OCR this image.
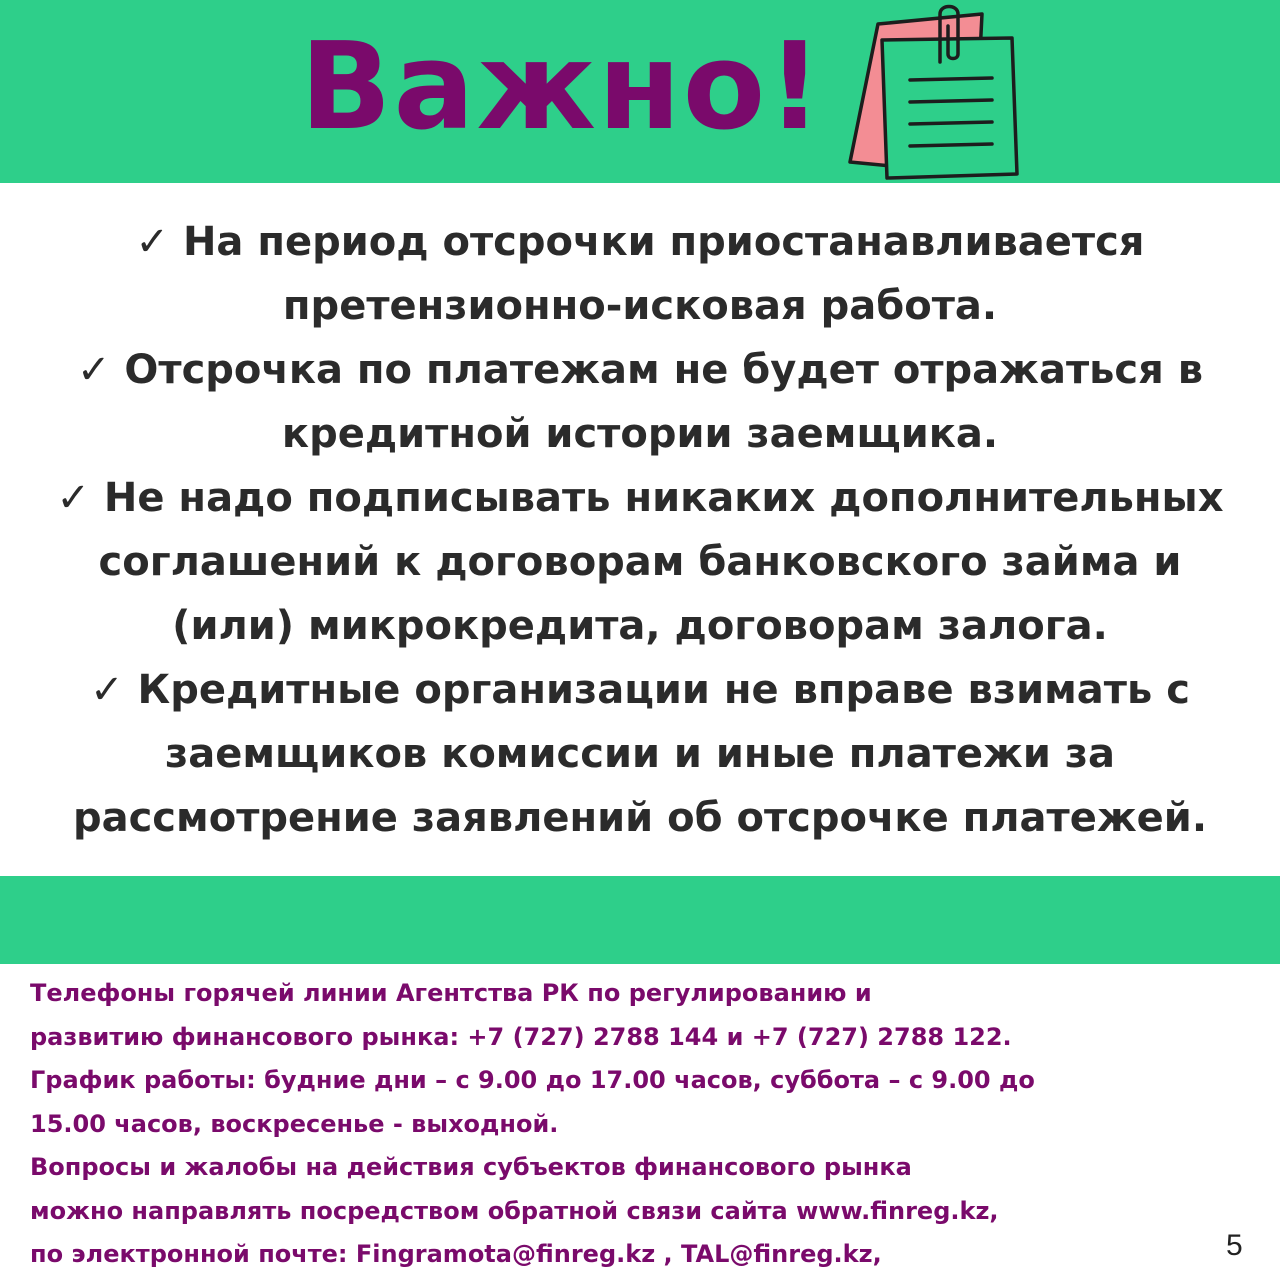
Важно!
✓ На период отсрочки приостанавливается
претензионно-исковая работа.
✓ Отсрочка по платежам не будет отражаться в
кредитной истории заемщика.
✓ Не надо подписывать никаких дополнительных
соглашений к договорам банковского займа и
(или) микрокредита, договорам залога.
✓ Кредитные организации не вправе взимать с
заемщиков комиссии и иные платежи за
рассмотрение заявлений об отсрочке платежей.
Телефоны горячей линии Агентства РК по регулированию и
развитию финансового рынка: +7 (727) 2788 144 и +7 (727) 2788 122.
График работы: будние дни – с 9.00 до 17.00 часов, суббота – с 9.00 до
15.00 часов, воскресенье - выходной.
Вопросы и жалобы на действия субъектов финансового рынка
можно направлять посредством обратной связи сайта www.finreg.kz,
по электронной почте: Fingramota@finreg.kz , TAL@finreg.kz,	5
